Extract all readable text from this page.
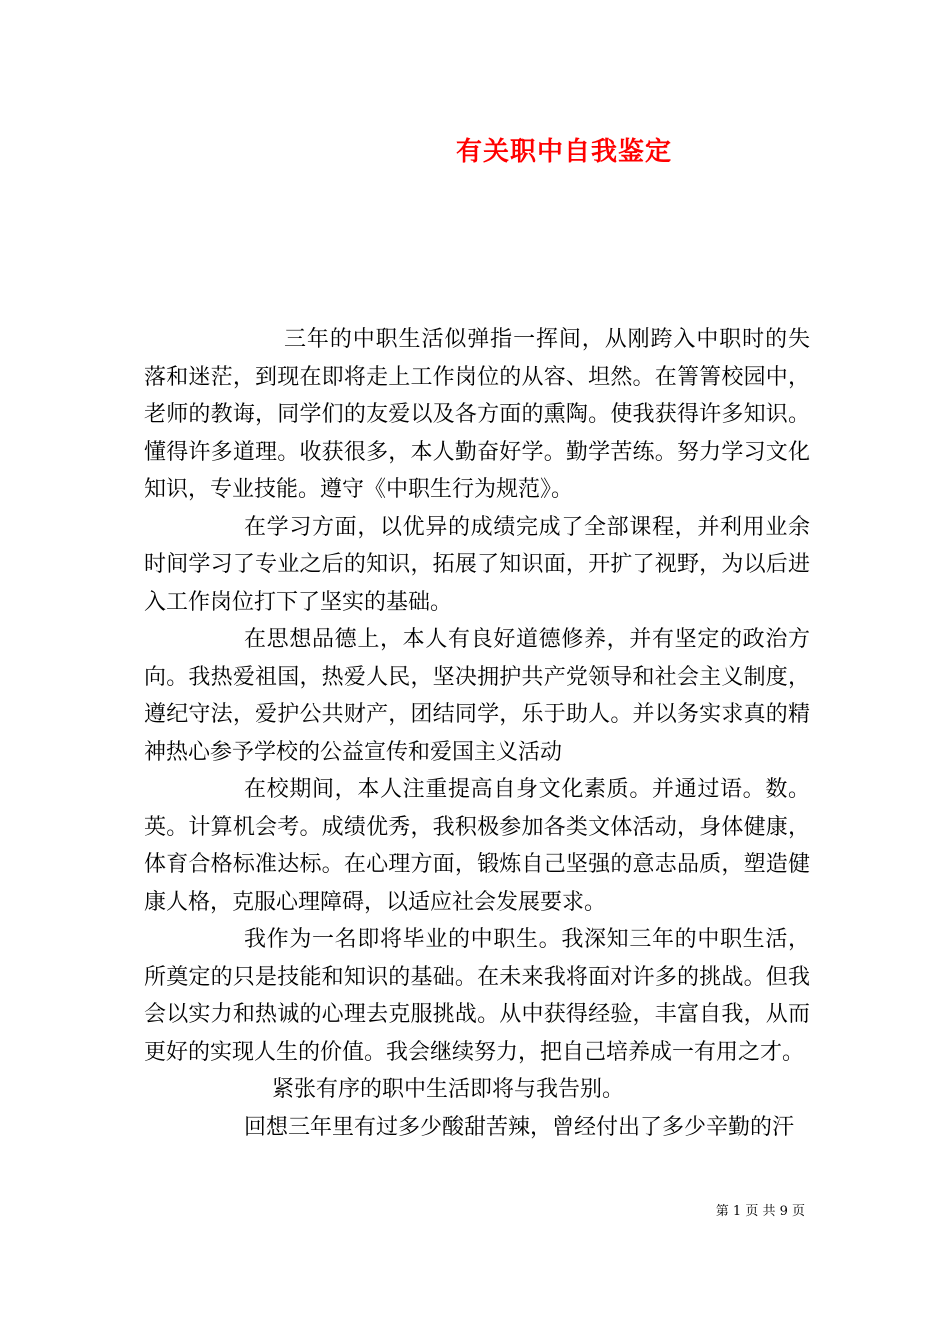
有关职中自我鉴定

三年的中职生活似弹指一挥间，从刚跨入中职时的失落和迷茫，到现在即将走上工作岗位的从容、坦然。在箐箐校园中，老师的教诲，同学们的友爱以及各方面的熏陶。使我获得许多知识。懂得许多道理。收获很多，本人勤奋好学。勤学苦练。努力学习文化知识，专业技能。遵守《中职生行为规范》。

在学习方面，以优异的成绩完成了全部课程，并利用业余时间学习了专业之后的知识，拓展了知识面，开扩了视野，为以后进入工作岗位打下了坚实的基础。

在思想品德上，本人有良好道德修养，并有坚定的政治方向。我热爱祖国，热爱人民，坚决拥护共产党领导和社会主义制度，遵纪守法，爱护公共财产，团结同学，乐于助人。并以务实求真的精神热心参予学校的公益宣传和爱国主义活动

在校期间，本人注重提高自身文化素质。并通过语。数。英。计算机会考。成绩优秀，我积极参加各类文体活动，身体健康，体育合格标准达标。在心理方面，锻炼自己坚强的意志品质，塑造健康人格，克服心理障碍，以适应社会发展要求。

我作为一名即将毕业的中职生。我深知三年的中职生活，所奠定的只是技能和知识的基础。在未来我将面对许多的挑战。但我会以实力和热诚的心理去克服挑战。从中获得经验，丰富自我，从而更好的实现人生的价值。我会继续努力，把自己培养成一有用之才。

紧张有序的职中生活即将与我告别。

回想三年里有过多少酸甜苦辣，曾经付出了多少辛勤的汗

第 1 页 共 9 页
